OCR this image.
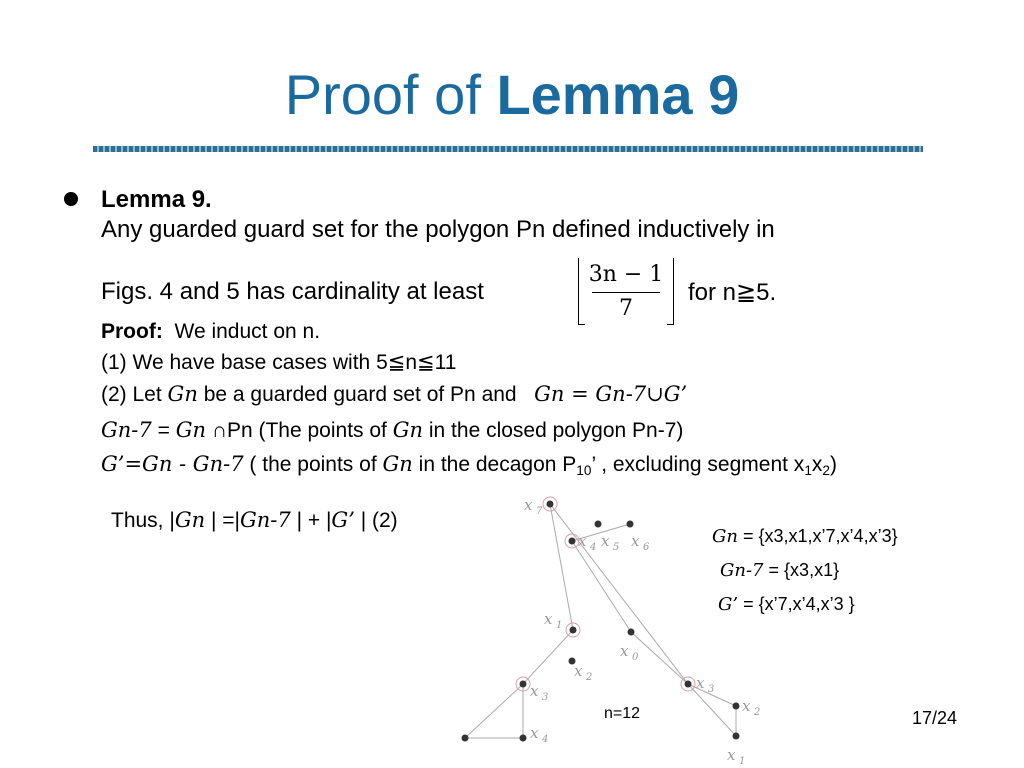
Proof of Lemma 9
Lemma 9.
Any guarded guard set for the polygon Pn defined inductively in
Figs. 4 and 5 has cardinality at least
3n − 1
7
for n≧5.
Proof: We induct on n.
(1) We have base cases with 5≦n≦11
(2) Let Gn be a guarded guard set of Pn and Gn = Gn-7∪G’
Gn-7 = Gn ∩Pn (The points of Gn in the closed polygon Pn-7)
G’=Gn - Gn-7 ( the points of Gn in the decagon $P_{10}$’ , excluding segment $x_1x_2$)
Thus, |Gn | =|Gn-7 | + |G’ | (2)
Gn = {x3,x1,x’7,x’4,x’3}
Gn-7 = {x3,x1}
G’ = {x’7,x’4,x’3 }
x 7
x 4 x 5 x 6
x 1
x 0
x 2
x 3
x 3
x 2
x 4
x 1
n=12	17/24
